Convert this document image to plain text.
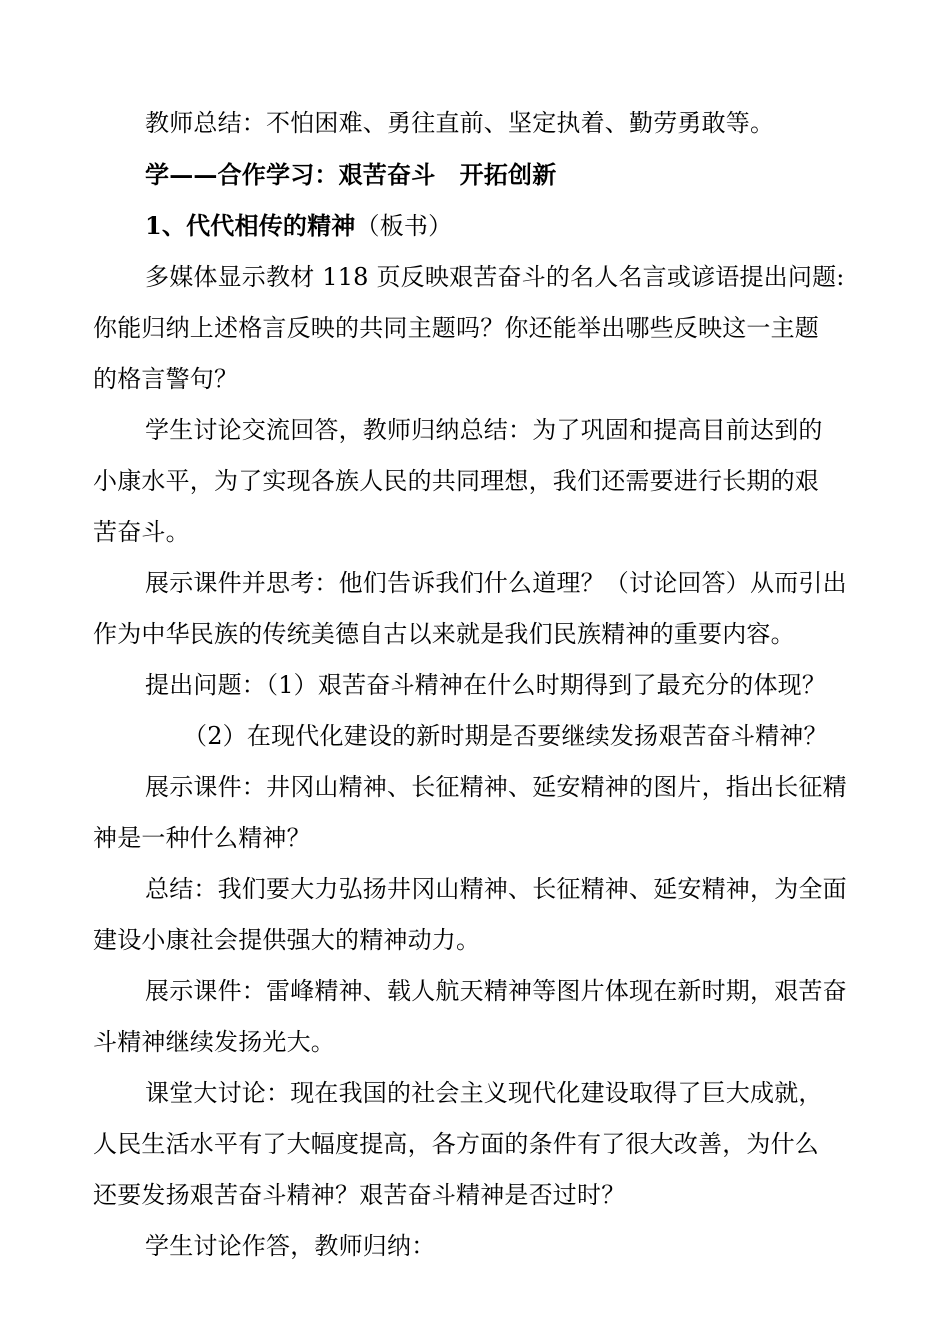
教师总结：不怕困难、勇往直前、坚定执着、勤劳勇敢等。
学——合作学习：艰苦奋斗　开拓创新
1、代代相传的精神（板书）
多媒体显示教材 118 页反映艰苦奋斗的名人名言或谚语提出问题:
你能归纳上述格言反映的共同主题吗？你还能举出哪些反映这一主题
的格言警句？
学生讨论交流回答，教师归纳总结：为了巩固和提高目前达到的
小康水平，为了实现各族人民的共同理想，我们还需要进行长期的艰
苦奋斗。
展示课件并思考：他们告诉我们什么道理？（讨论回答）从而引出
作为中华民族的传统美德自古以来就是我们民族精神的重要内容。
提出问题：（1）艰苦奋斗精神在什么时期得到了最充分的体现？
（2）在现代化建设的新时期是否要继续发扬艰苦奋斗精神？
展示课件：井冈山精神、长征精神、延安精神的图片，指出长征精
神是一种什么精神？
总结：我们要大力弘扬井冈山精神、长征精神、延安精神，为全面
建设小康社会提供强大的精神动力。
展示课件：雷峰精神、载人航天精神等图片体现在新时期，艰苦奋
斗精神继续发扬光大。
课堂大讨论：现在我国的社会主义现代化建设取得了巨大成就，
人民生活水平有了大幅度提高，各方面的条件有了很大改善，为什么
还要发扬艰苦奋斗精神？艰苦奋斗精神是否过时？
学生讨论作答，教师归纳：
